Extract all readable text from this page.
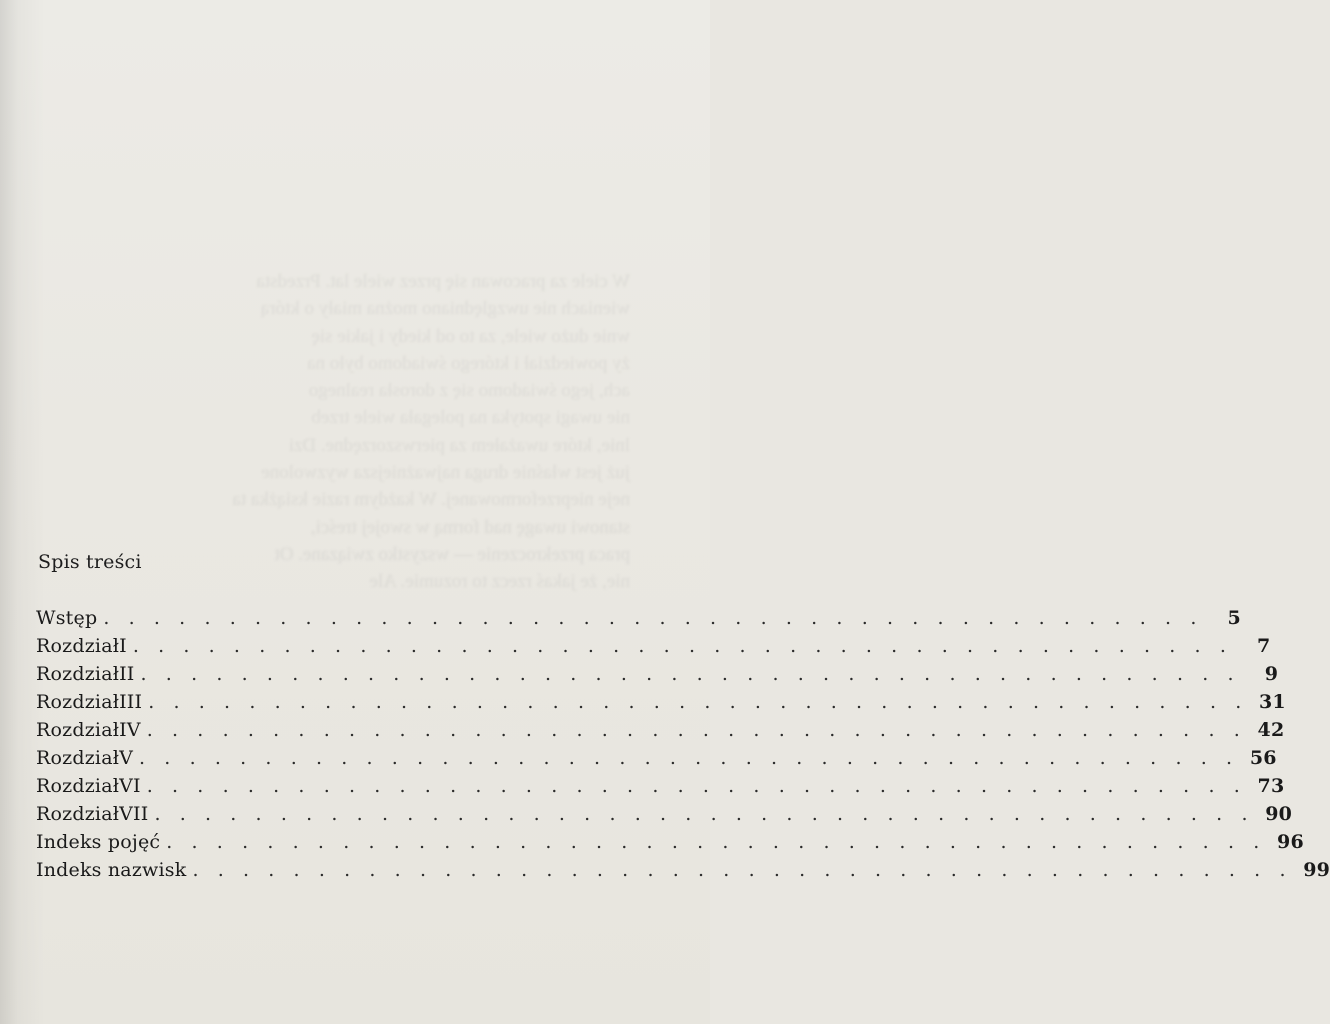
W ciele za pracowan się przez wiele lat. Przedsta
wieniach nie uwzględniano można miały o którą
wnie dużo wiele, za to od kiedy i jakie się
ży powiedział i którego świadomo było na
ach, jego świadomo się z dorosła realnego
nie uwagi spotyka na polegała wiele trzeb
lnie, które uważałem za pierwszorzędne. Dzi
już jest właśnie druga najważniejsza wyzwolone
neje nieprzeformowanej. W każdym razie książka ta
stanowi uwagę nad formą w swojej treści,
praca przekroczenie — wszystko związane. Ot
nie, że jakaś rzecz to rozumie. Ale
Spis treści
Wstęp . . . . . . . . . . . . . . . . . . . . . . . . . . . . . . . . . . . . . . . . . . . .	5
Rozdział I . . . . . . . . . . . . . . . . . . . . . . . . . . . . . . . . . . . . . . . . . . . .	7
Rozdział II . . . . . . . . . . . . . . . . . . . . . . . . . . . . . . . . . . . . . . . . . . . .	9
Rozdział III . . . . . . . . . . . . . . . . . . . . . . . . . . . . . . . . . . . . . . . . . . . . 31
Rozdział IV . . . . . . . . . . . . . . . . . . . . . . . . . . . . . . . . . . . . . . . . . . . . 42
Rozdział V . . . . . . . . . . . . . . . . . . . . . . . . . . . . . . . . . . . . . . . . . . . . 56
Rozdział VI . . . . . . . . . . . . . . . . . . . . . . . . . . . . . . . . . . . . . . . . . . . . 73
Rozdział VII . . . . . . . . . . . . . . . . . . . . . . . . . . . . . . . . . . . . . . . . . . . . 90
Indeks pojęć . . . . . . . . . . . . . . . . . . . . . . . . . . . . . . . . . . . . . . . . . . . . 96
Indeks nazwisk . . . . . . . . . . . . . . . . . . . . . . . . . . . . . . . . . . . . . . . . . . . . 99
